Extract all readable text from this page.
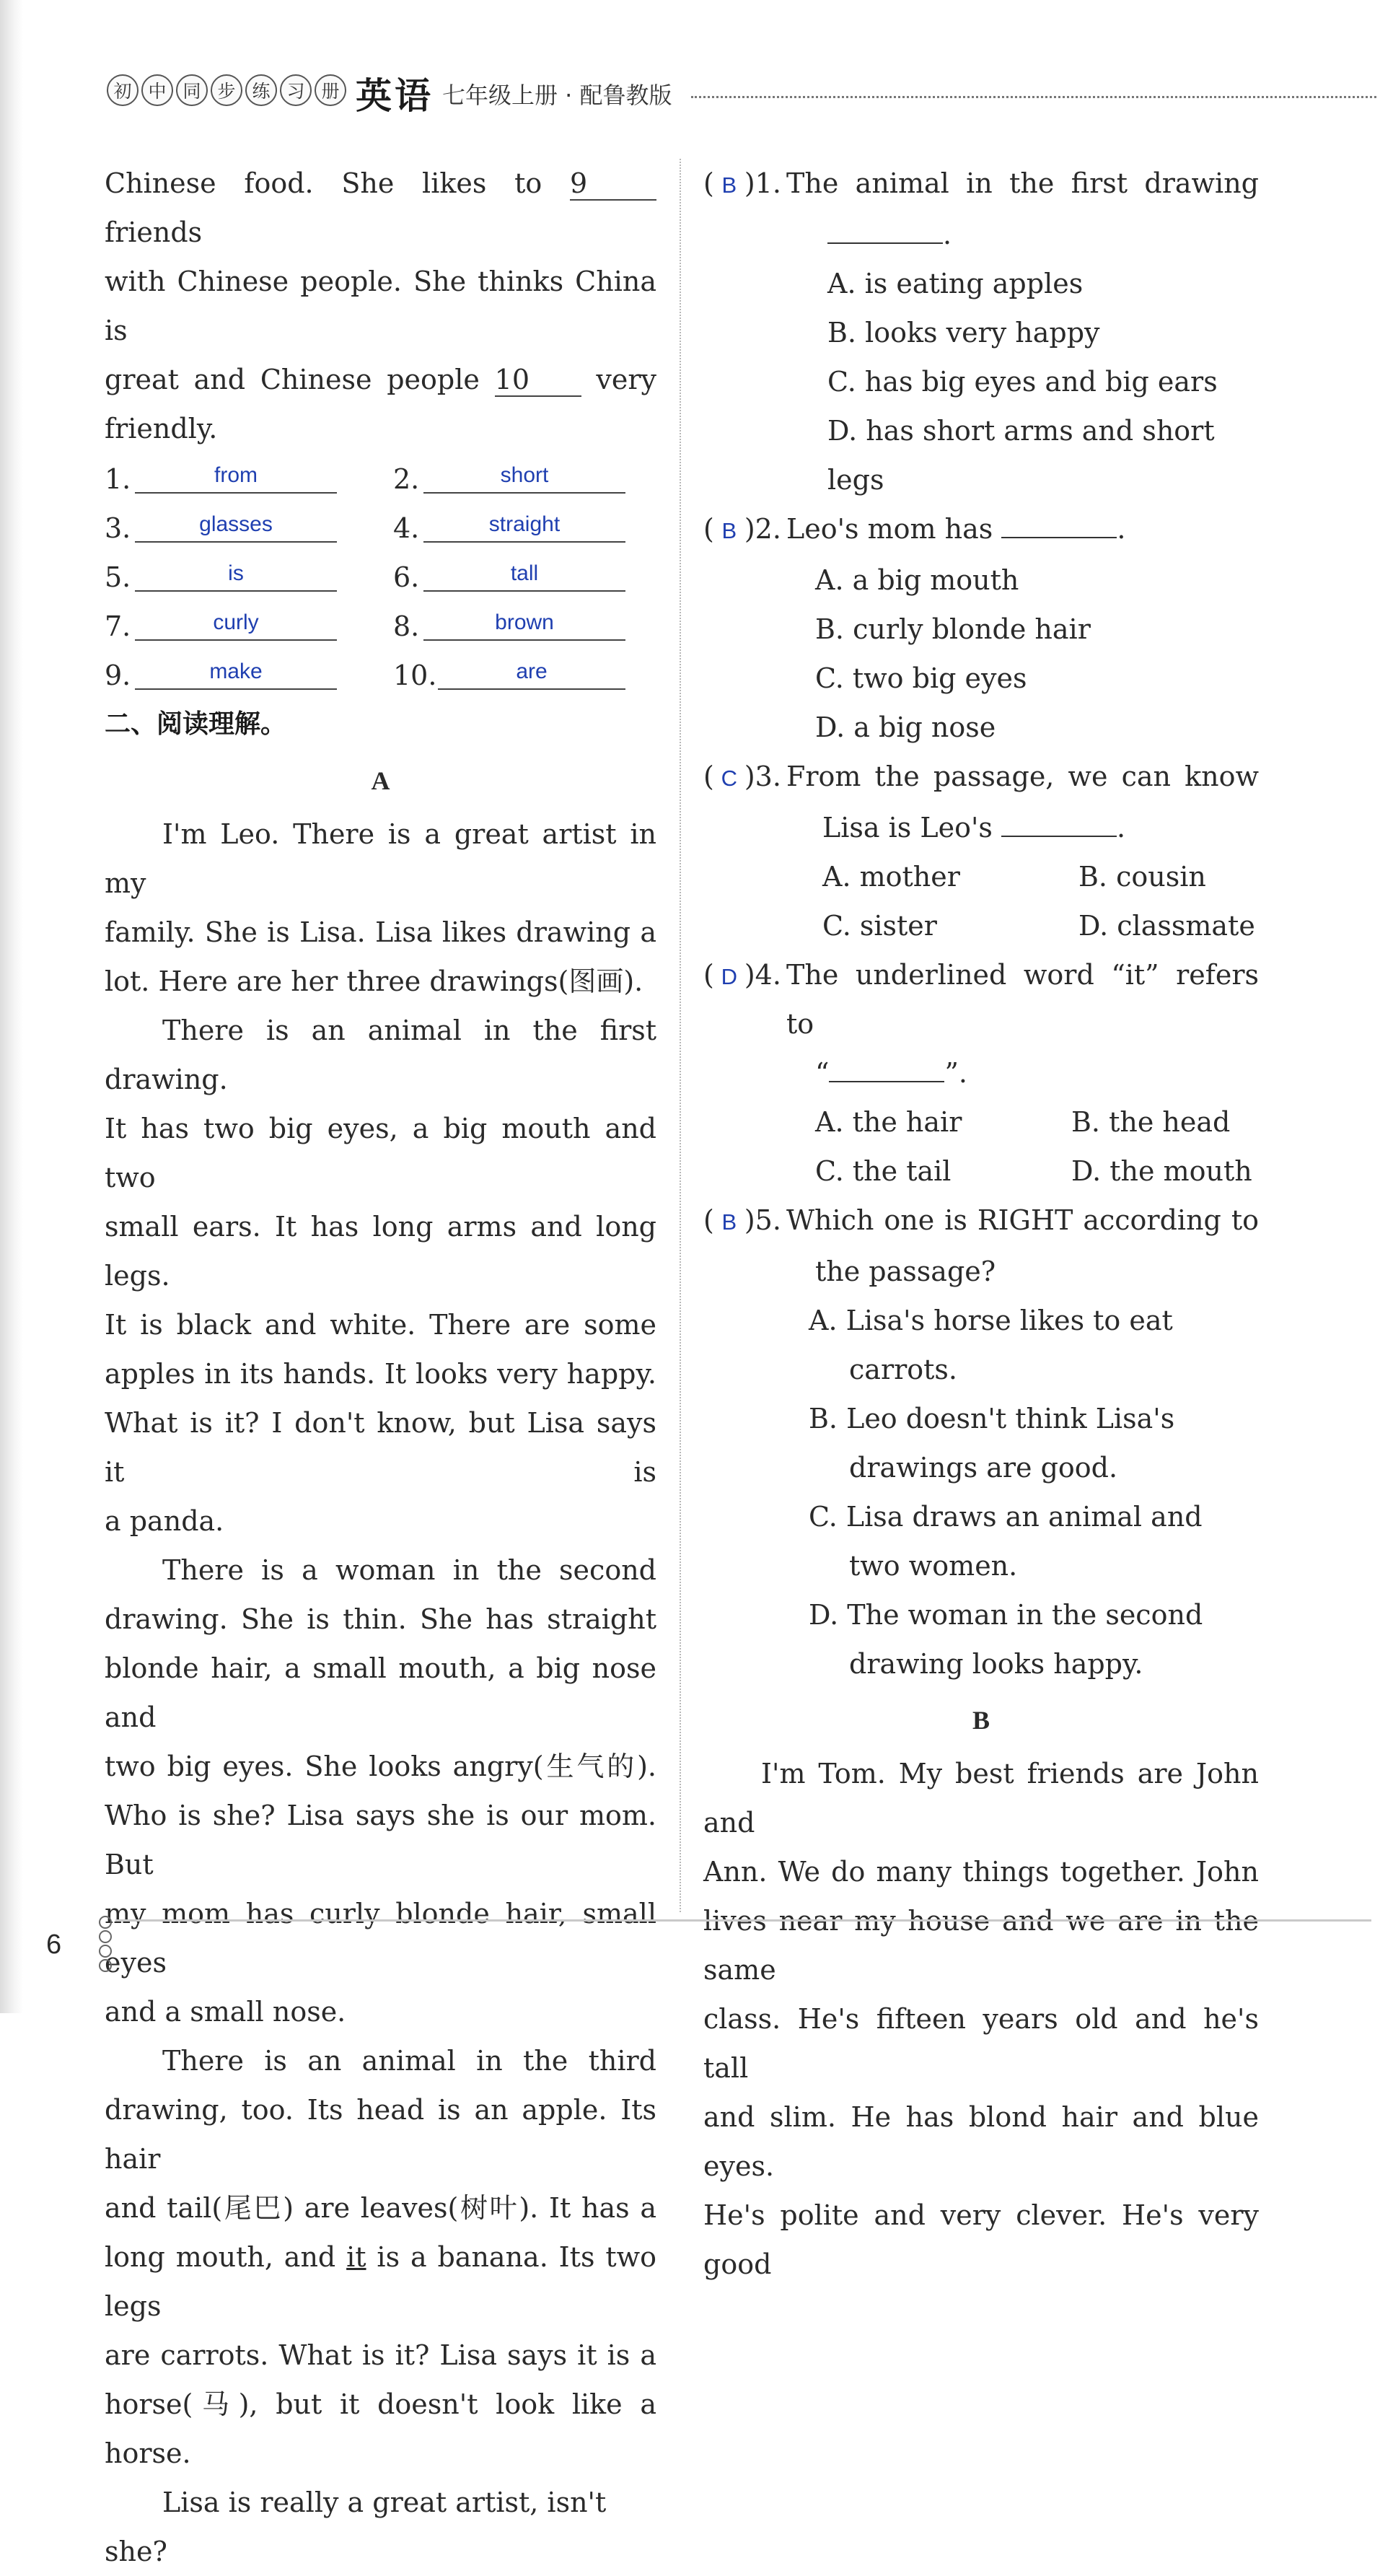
初 中 同 步 练 习 册 英语 七年级上册 · 配鲁教版
Chinese food. She likes to 9 friends
with Chinese people. She thinks China is
great and Chinese people 10 very
friendly.
1.	from	2.	short
3.	glasses	4.	straight
5.	is	6.	tall
7.	curly	8.	brown
9.	make	10.	are
二、阅读理解。
A
I'm Leo. There is a great artist in my
family. She is Lisa. Lisa likes drawing a
lot. Here are her three drawings(图画).
There is an animal in the first drawing.
It has two big eyes, a big mouth and two
small ears. It has long arms and long legs.
It is black and white. There are some
apples in its hands. It looks very happy.
What is it? I don't know, but Lisa says it is
a panda.
There is a woman in the second
drawing. She is thin. She has straight
blonde hair, a small mouth, a big nose and
two big eyes. She looks angry(生气的).
Who is she? Lisa says she is our mom. But
my mom has curly blonde hair, small eyes
and a small nose.
There is an animal in the third
drawing, too. Its head is an apple. Its hair
and tail(尾巴) are leaves(树叶). It has a
long mouth, and it is a banana. Its two legs
are carrots. What is it? Lisa says it is a
horse(马), but it doesn't look like a horse.
Lisa is really a great artist, isn't she?
( B )1. The animal in the first drawing
.
A. is eating apples
B. looks very happy
C. has big eyes and big ears
D. has short arms and short legs
( B )2. Leo's mom has	.
A. a big mouth
B. curly blonde hair
C. two big eyes
D. a big nose
( C )3. From the passage, we can know
Lisa is Leo's	.
A. mother	B. cousin
C. sister	D. classmate
( D )4. The underlined word “it” refers to
“	”.
A. the hair	B. the head
C. the tail	D. the mouth
( B )5. Which one is RIGHT according to
the passage?
A. Lisa's horse likes to eat carrots.
B. Leo doesn't think Lisa's drawings are good.
C. Lisa draws an animal and two women.
D. The woman in the second drawing looks happy.
B
I'm Tom. My best friends are John and
Ann. We do many things together. John
lives near my house and we are in the same
class. He's fifteen years old and he's tall
and slim. He has blond hair and blue eyes.
He's polite and very clever. He's very good
6
